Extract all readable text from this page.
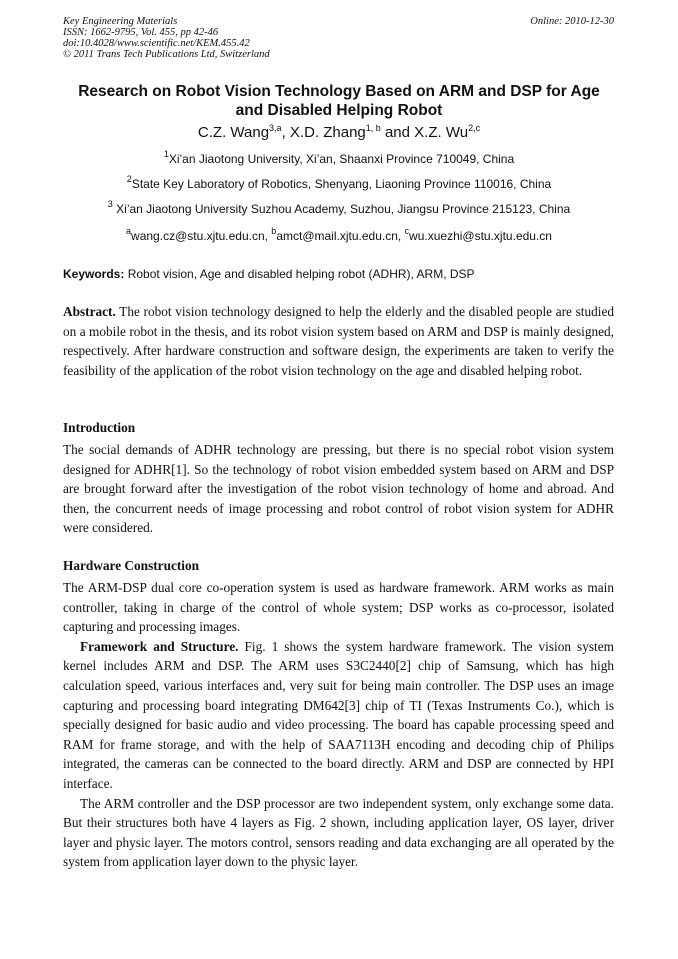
Key Engineering Materials
ISSN: 1662-9795, Vol. 455, pp 42-46
doi:10.4028/www.scientific.net/KEM.455.42
© 2011 Trans Tech Publications Ltd, Switzerland
Online: 2010-12-30
Research on Robot Vision Technology Based on ARM and DSP for Age and Disabled Helping Robot
C.Z. Wang$^{3,a}$, X.D. Zhang$^{1, b}$ and X.Z. Wu$^{2,c}$
$^1$Xi’an Jiaotong University, Xi’an, Shaanxi Province 710049, China
$^2$State Key Laboratory of Robotics, Shenyang, Liaoning Province 110016, China
$^3$ Xi’an Jiaotong University Suzhou Academy, Suzhou, Jiangsu Province 215123, China
$^a$wang.cz@stu.xjtu.edu.cn, $^b$amct@mail.xjtu.edu.cn, $^c$wu.xuezhi@stu.xjtu.edu.cn
Keywords: Robot vision, Age and disabled helping robot (ADHR), ARM, DSP

Abstract. The robot vision technology designed to help the elderly and the disabled people are studied on a mobile robot in the thesis, and its robot vision system based on ARM and DSP is mainly designed, respectively. After hardware construction and software design, the experiments are taken to verify the feasibility of the application of the robot vision technology on the age and disabled helping robot.

Introduction

The social demands of ADHR technology are pressing, but there is no special robot vision system designed for ADHR[1]. So the technology of robot vision embedded system based on ARM and DSP are brought forward after the investigation of the robot vision technology of home and abroad. And then, the concurrent needs of image processing and robot control of robot vision system for ADHR were considered.

Hardware Construction

The ARM-DSP dual core co-operation system is used as hardware framework. ARM works as main controller, taking in charge of the control of whole system; DSP works as co-processor, isolated capturing and processing images.

Framework and Structure. Fig. 1 shows the system hardware framework. The vision system kernel includes ARM and DSP. The ARM uses S3C2440[2] chip of Samsung, which has high calculation speed, various interfaces and, very suit for being main controller. The DSP uses an image capturing and processing board integrating DM642[3] chip of TI (Texas Instruments Co.), which is specially designed for basic audio and video processing. The board has capable processing speed and RAM for frame storage, and with the help of SAA7113H encoding and decoding chip of Philips integrated, the cameras can be connected to the board directly. ARM and DSP are connected by HPI interface.

The ARM controller and the DSP processor are two independent system, only exchange some data. But their structures both have 4 layers as Fig. 2 shown, including application layer, OS layer, driver layer and physic layer. The motors control, sensors reading and data exchanging are all operated by the system from application layer down to the physic layer.
